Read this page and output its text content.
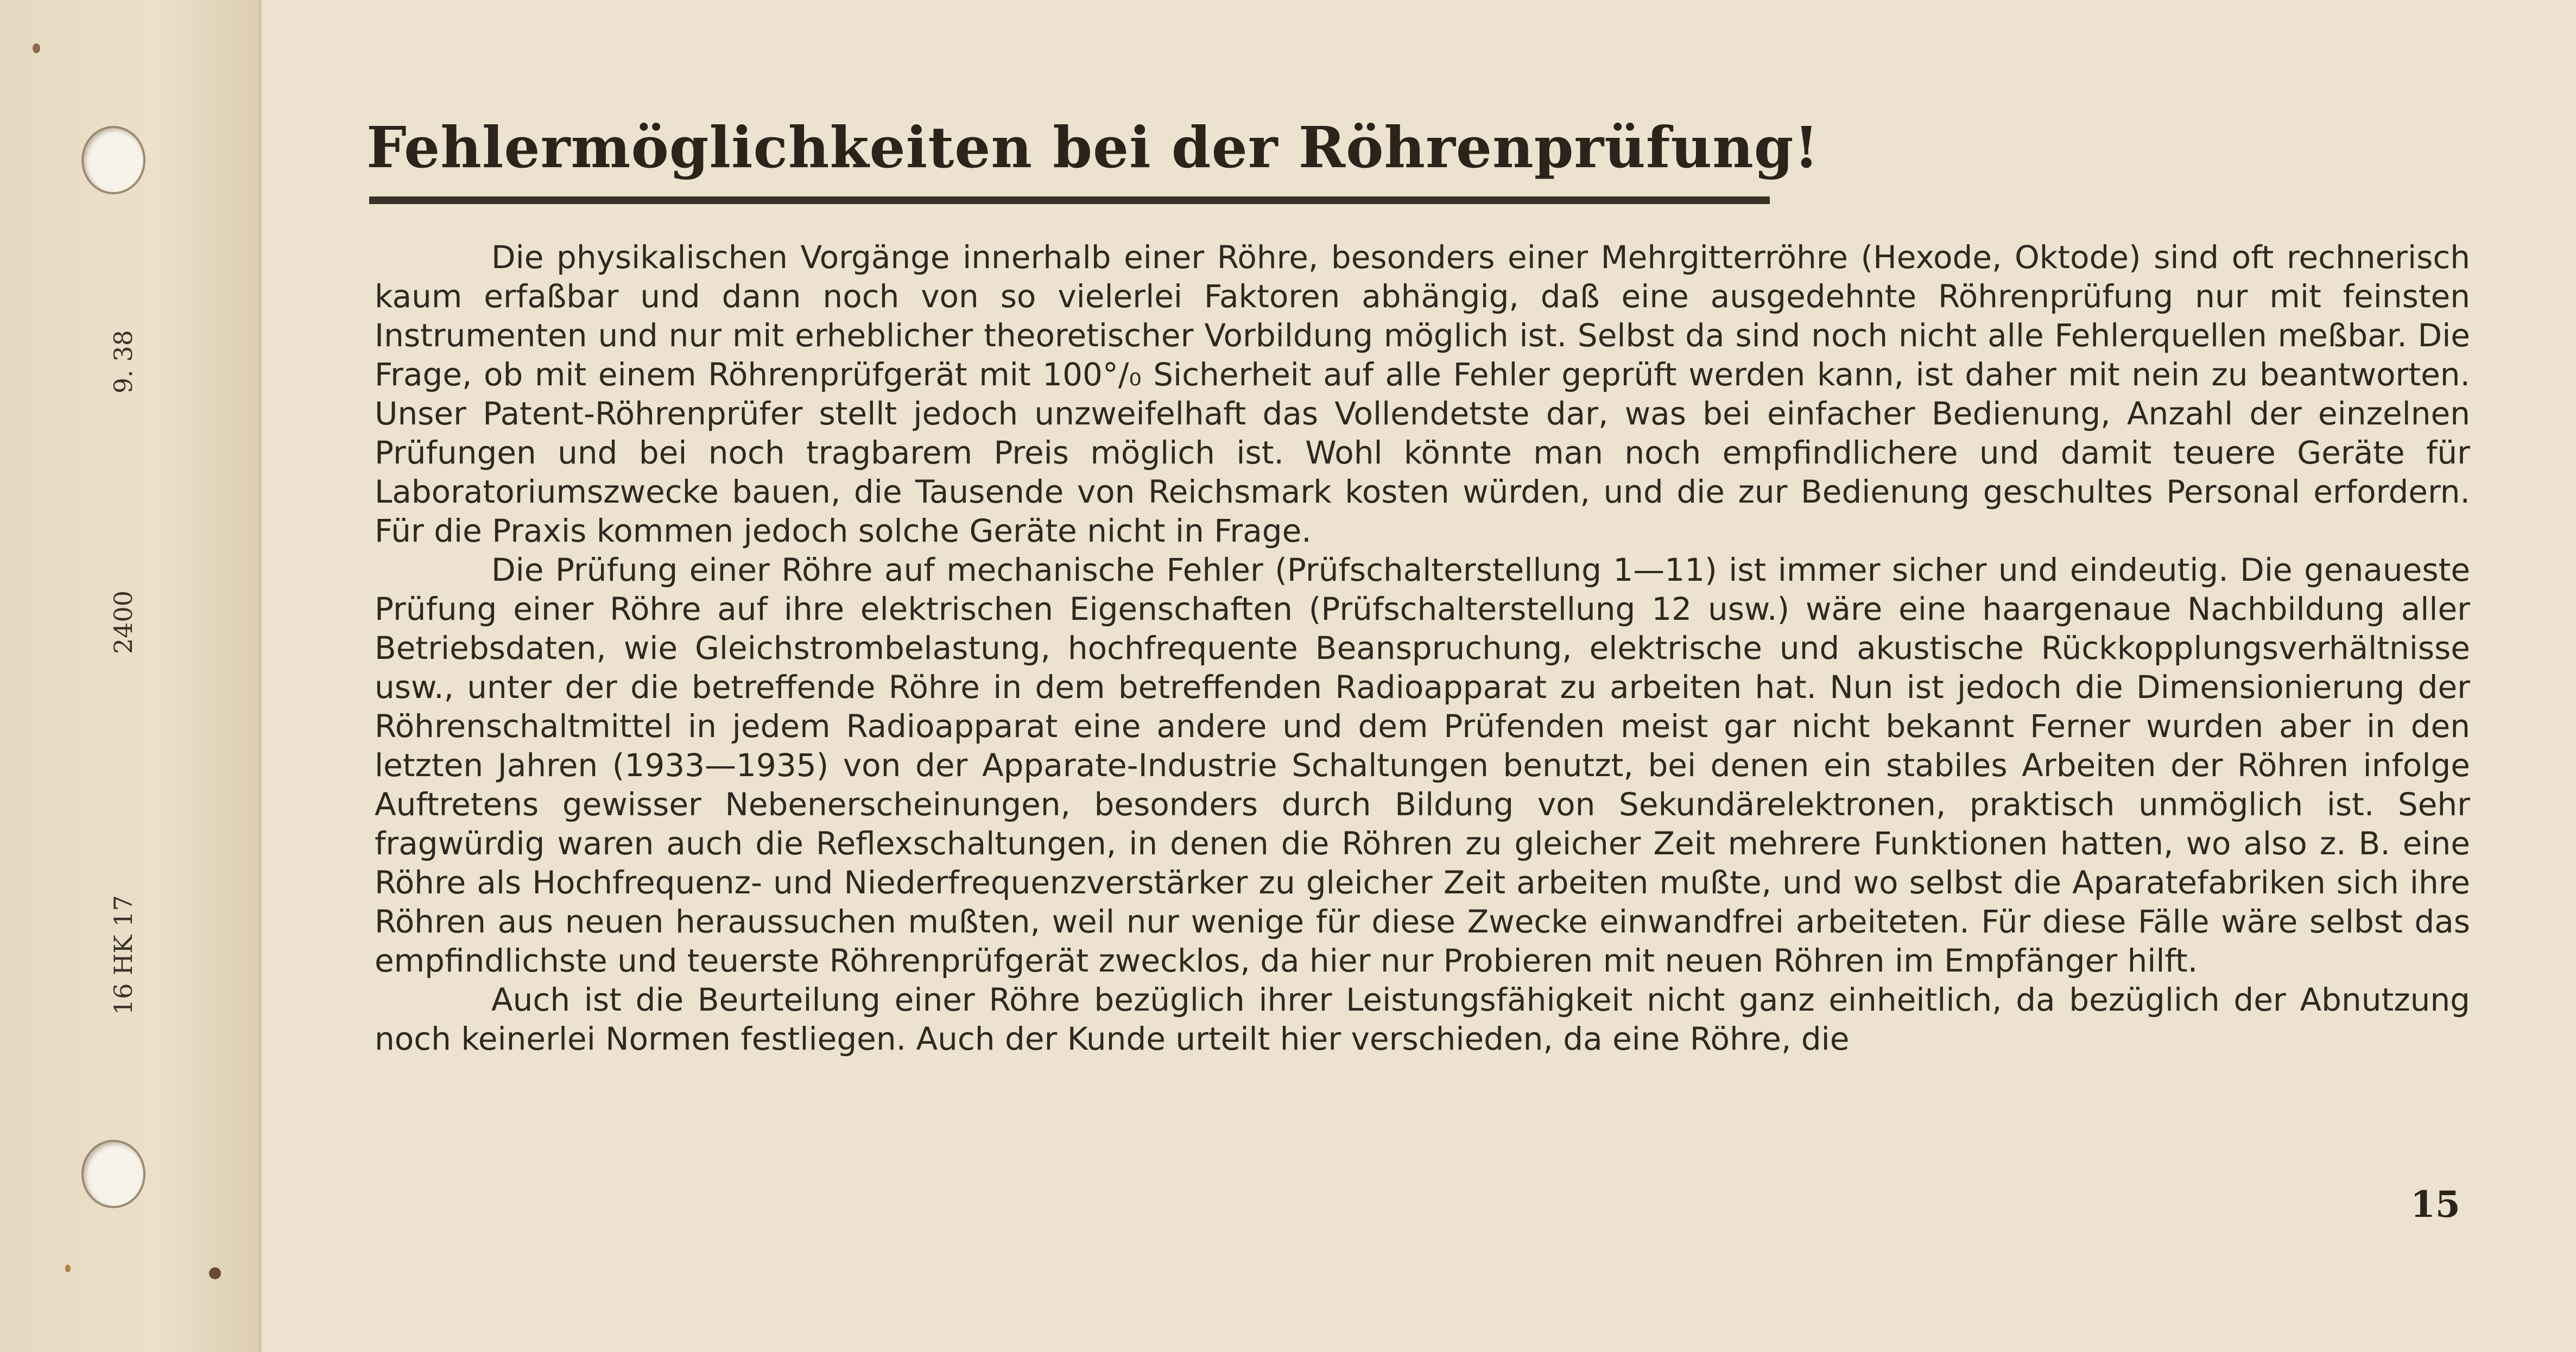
9. 38
2400
Fehlermöglichkeiten bei der Röhrenprüfung!

Die physikalischen Vorgänge innerhalb einer Röhre, besonders einer Mehrgitterröhre (Hexode, Oktode) sind oft rechnerisch kaum erfaßbar und dann noch von so vielerlei Faktoren abhängig, daß eine ausgedehnte Röhrenprüfung nur mit feinsten Instrumenten und nur mit erheblicher theoretischer Vorbildung möglich ist. Selbst da sind noch nicht alle Fehlerquellen meßbar. Die Frage, ob mit einem Röhrenprüfgerät mit 100°/₀ Sicherheit auf alle Fehler geprüft werden kann, ist daher mit nein zu beantworten. Unser Patent-Röhrenprüfer stellt jedoch unzweifelhaft das Vollendetste dar, was bei einfacher Bedienung, Anzahl der einzelnen Prüfungen und bei noch tragbarem Preis möglich ist. Wohl könnte man noch empfindlichere und damit teuere Geräte für Laboratoriumszwecke bauen, die Tausende von Reichsmark kosten würden, und die zur Bedienung geschultes Personal erfordern. Für die Praxis kommen jedoch solche Geräte nicht in Frage.

Die Prüfung einer Röhre auf mechanische Fehler (Prüfschalterstellung 1—11) ist immer sicher und eindeutig. Die genaueste Prüfung einer Röhre auf ihre elektrischen Eigenschaften (Prüfschalterstellung 12 usw.) wäre eine haargenaue Nachbildung aller Betriebsdaten, wie Gleichstrombelastung, hochfrequente Beanspruchung, elektrische und akustische Rückkopplungsverhältnisse usw., unter der die betreffende Röhre in dem betreffenden Radioapparat zu arbeiten hat. Nun ist jedoch die Dimensionierung der Röhrenschaltmittel in jedem Radioapparat eine andere und dem Prüfenden meist gar nicht bekannt Ferner wurden aber in den letzten Jahren (1933—1935) von der Apparate-Industrie Schaltungen benutzt, bei denen ein stabiles Arbeiten der Röhren infolge Auftretens gewisser Nebenerscheinungen, besonders durch Bildung von Sekundärelektronen, praktisch unmöglich ist. Sehr fragwürdig waren auch die Reflexschaltungen, in denen die Röhren zu gleicher Zeit mehrere Funktionen hatten, wo also z. B. eine Röhre als Hochfrequenz- und Niederfrequenzverstärker zu gleicher Zeit arbeiten mußte, und wo selbst die Aparatefabriken sich ihre Röhren aus neuen heraussuchen mußten, weil nur wenige für diese Zwecke einwandfrei arbeiteten. Für diese Fälle wäre selbst das empfindlichste und teuerste Röhrenprüfgerät zwecklos, da hier nur Probieren mit neuen Röhren im Empfänger hilft.

Auch ist die Beurteilung einer Röhre bezüglich ihrer Leistungsfähigkeit nicht ganz einheitlich, da bezüglich der Abnutzung noch keinerlei Normen festliegen. Auch der Kunde urteilt hier verschieden, da eine Röhre, die

15
